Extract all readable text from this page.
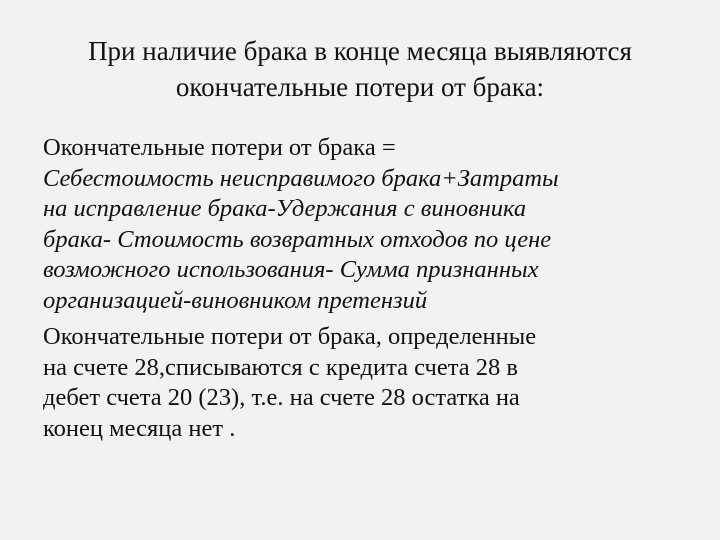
При наличие брака в конце месяца выявляются
окончательные потери от брака:
Окончательные потери от брака =
Себестоимость неисправимого брака+Затраты
на исправление брака-Удержания с виновника
брака- Стоимость возвратных отходов по цене
возможного использования- Сумма признанных
организацией-виновником претензий
Окончательные потери от брака, определенные
на счете 28,списываются с кредита счета 28 в
дебет счета 20 (23), т.е. на счете 28 остатка на
конец месяца нет .
